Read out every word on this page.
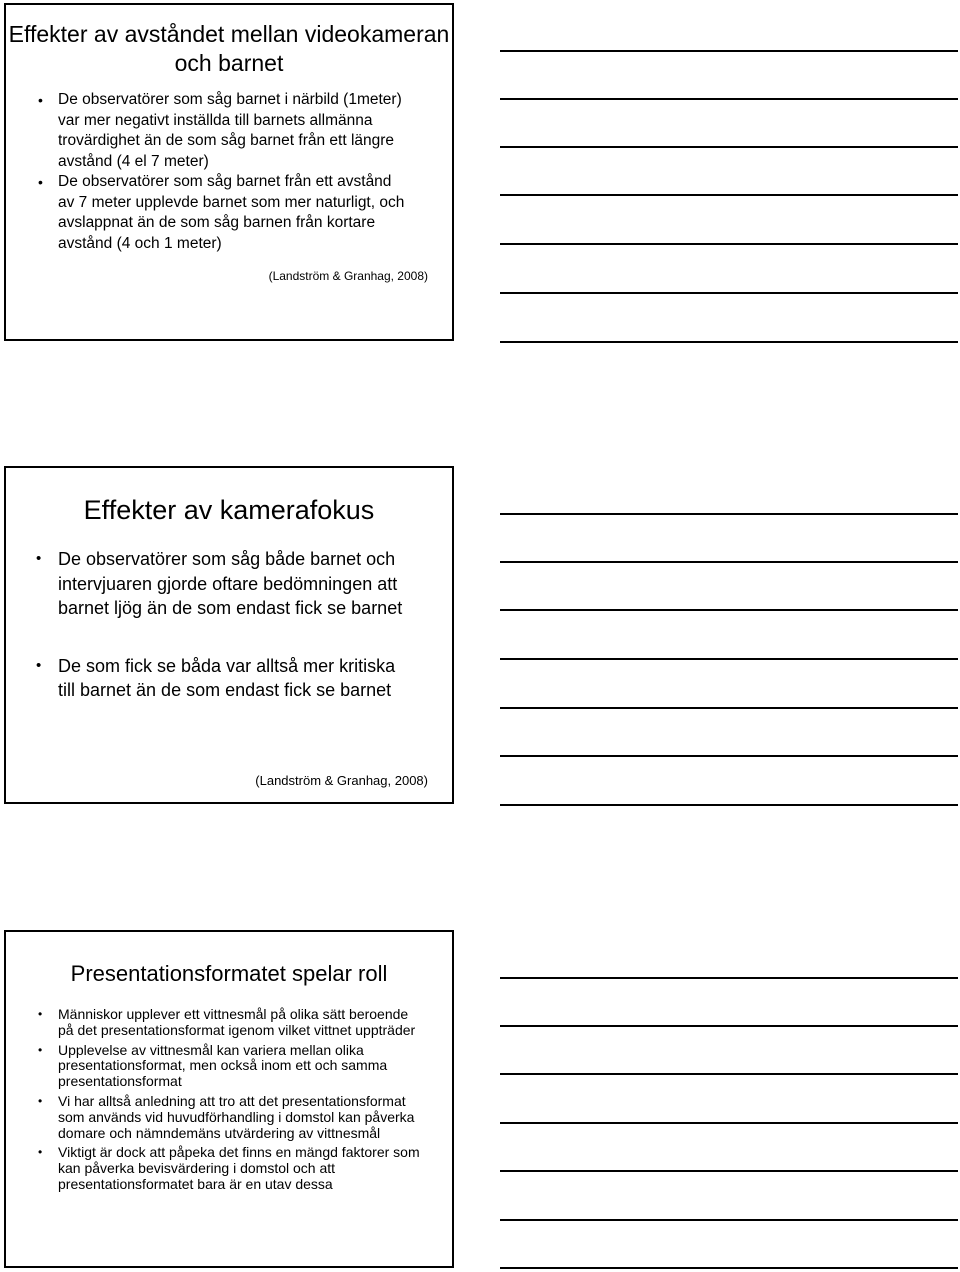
Effekter av avståndet mellan videokameran och barnet
• De observatörer som såg barnet i närbild (1meter) var mer negativt inställda till barnets allmänna trovärdighet än de som såg barnet från ett längre avstånd (4 el 7 meter)
• De observatörer som såg barnet från ett avstånd av 7 meter upplevde barnet som mer naturligt, och avslappnat än de som såg barnen från kortare avstånd (4 och 1 meter)
(Landström & Granhag, 2008)
Effekter av kamerafokus
• De observatörer som såg både barnet och intervjuaren gjorde oftare bedömningen att barnet ljög än de som endast fick se barnet
• De som fick se båda var alltså mer kritiska till barnet än de som endast fick se barnet
(Landström & Granhag, 2008)
Presentationsformatet spelar roll
• Människor upplever ett vittnesmål på olika sätt beroende på det presentationsformat igenom vilket vittnet uppträder
• Upplevelse av vittnesmål kan variera mellan olika presentationsformat, men också inom ett och samma presentationsformat
• Vi har alltså anledning att tro att det presentationsformat som används vid huvudförhandling i domstol kan påverka domare och nämndemäns utvärdering av vittnesmål
• Viktigt är dock att påpeka det finns en mängd faktorer som kan påverka bevisvärdering i domstol och att presentationsformatet bara är en utav dessa
